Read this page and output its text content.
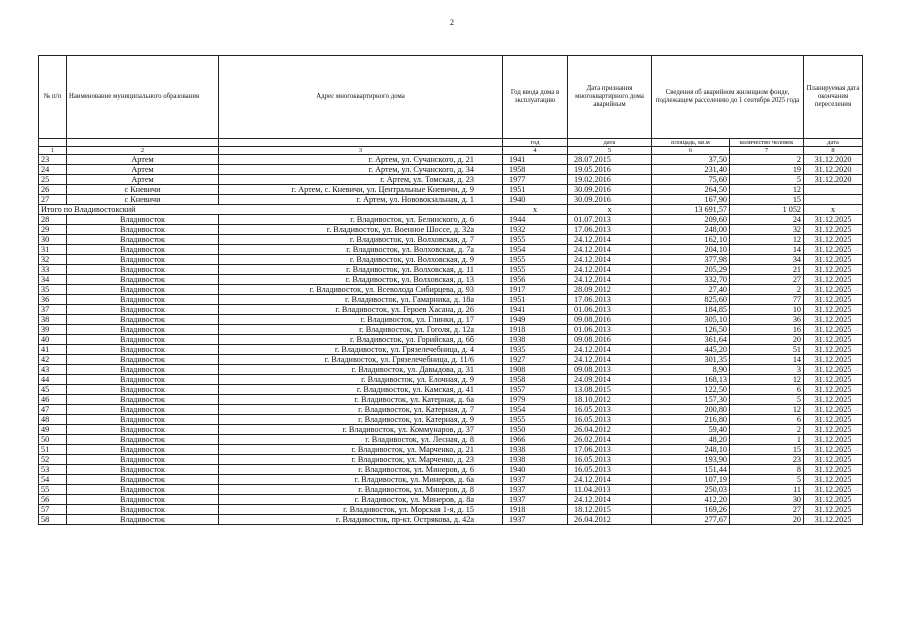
2
№ п/п	Наименование муниципального образования	Адрес многоквартирного дома	Год ввода дома в эксплуатацию	Дата признания многоквартирного дома аварийным	Сведения об аварийном жилищном фонде, подлежащем расселению до 1 сентября 2025 года		Планируемая дата окончания переселения
			год	дата	площадь, кв.м	количество человек	дата
1	2	3	4	5	6	7	8
23	Артем	г. Артем, ул. Сучанского, д. 21	1941	28.07.2015	37,50	2	31.12.2020
24	Артем	г. Артем, ул. Сучанского, д. 34	1958	19.05.2016	231,40	19	31.12.2020
25	Артем	г. Артем, ул. Томская, д. 23	1977	19.02.2016	75,60	5	31.12.2020
26	с Кневичи	г. Артем, с. Кневичи, ул. Центральные Кневичи, д. 9	1951	30.09.2016	264,50	12	
27	с Кневичи	г. Артем, ул. Нововокзальная, д. 1	1940	30.09.2016	167,90	15	
Итого по Владивостокский			x	x	13 691,57	1 052	x
28	Владивосток	г. Владивосток, ул. Белинского, д. 6	1944	01.07.2013	209,60	24	31.12.2025
29	Владивосток	г. Владивосток, ул. Военное Шоссе, д. 32а	1932	17.06.2013	248,00	32	31.12.2025
30	Владивосток	г. Владивосток, ул. Волховская, д. 7	1955	24.12.2014	162,10	12	31.12.2025
31	Владивосток	г. Владивосток, ул. Волховская, д. 7а	1954	24.12.2014	204,10	14	31.12.2025
32	Владивосток	г. Владивосток, ул. Волховская, д. 9	1955	24.12.2014	377,98	34	31.12.2025
33	Владивосток	г. Владивосток, ул. Волховская, д. 11	1955	24.12.2014	205,29	21	31.12.2025
34	Владивосток	г. Владивосток, ул. Волховская, д. 13	1956	24.12.2014	332,70	27	31.12.2025
35	Владивосток	г. Владивосток, ул. Всеволода Сибирцева, д. 93	1917	28.09.2012	27,40	2	31.12.2025
36	Владивосток	г. Владивосток, ул. Гамарника, д. 18а	1951	17.06.2013	825,60	77	31.12.2025
37	Владивосток	г. Владивосток, ул. Героев Хасана, д. 26	1941	01.06.2013	184,85	10	31.12.2025
38	Владивосток	г. Владивосток, ул. Глинки, д. 17	1949	09.08.2016	305,10	36	31.12.2025
39	Владивосток	г. Владивосток, ул. Гоголя, д. 12а	1918	01.06.2013	126,50	16	31.12.2025
40	Владивосток	г. Владивосток, ул. Горийская, д. 6б	1938	09.08.2016	361,64	20	31.12.2025
41	Владивосток	г. Владивосток, ул. Грязелечебница, д. 4	1935	24.12.2014	445,20	51	31.12.2025
42	Владивосток	г. Владивосток, ул. Грязелечебница, д. 11/6	1927	24.12.2014	301,35	14	31.12.2025
43	Владивосток	г. Владивосток, ул. Давыдова, д. 31	1908	09.08.2013	8,90	3	31.12.2025
44	Владивосток	г. Владивосток, ул. Елочная, д. 9	1958	24.09.2014	168,13	12	31.12.2025
45	Владивосток	г. Владивосток, ул. Камская, д. 41	1957	13.08.2015	122,50	6	31.12.2025
46	Владивосток	г. Владивосток, ул. Катерная, д. 6а	1979	18.10.2012	157,30	5	31.12.2025
47	Владивосток	г. Владивосток, ул. Катерная, д. 7	1954	16.05.2013	200,80	12	31.12.2025
48	Владивосток	г. Владивосток, ул. Катерная, д. 9	1955	16.05.2013	216,80	6	31.12.2025
49	Владивосток	г. Владивосток, ул. Коммунаров, д. 37	1950	26.04.2012	59,40	2	31.12.2025
50	Владивосток	г. Владивосток, ул. Лесная, д. 8	1966	26.02.2014	48,20	1	31.12.2025
51	Владивосток	г. Владивосток, ул. Марченко, д. 21	1938	17.06.2013	248,10	15	31.12.2025
52	Владивосток	г. Владивосток, ул. Марченко, д. 23	1938	16.05.2013	193,90	23	31.12.2025
53	Владивосток	г. Владивосток, ул. Минеров, д. 6	1940	16.05.2013	151,44	8	31.12.2025
54	Владивосток	г. Владивосток, ул. Минеров, д. 6а	1937	24.12.2014	107,19	5	31.12.2025
55	Владивосток	г. Владивосток, ул. Минеров, д. 8	1937	11.04.2013	250,03	11	31.12.2025
56	Владивосток	г. Владивосток, ул. Минеров, д. 8а	1937	24.12.2014	412,20	30	31.12.2025
57	Владивосток	г. Владивосток, ул. Морская 1-я, д. 15	1918	18.12.2015	169,26	27	31.12.2025
58	Владивосток	г. Владивосток, пр-кт. Острякова, д. 42а	1937	26.04.2012	277,67	20	31.12.2025
